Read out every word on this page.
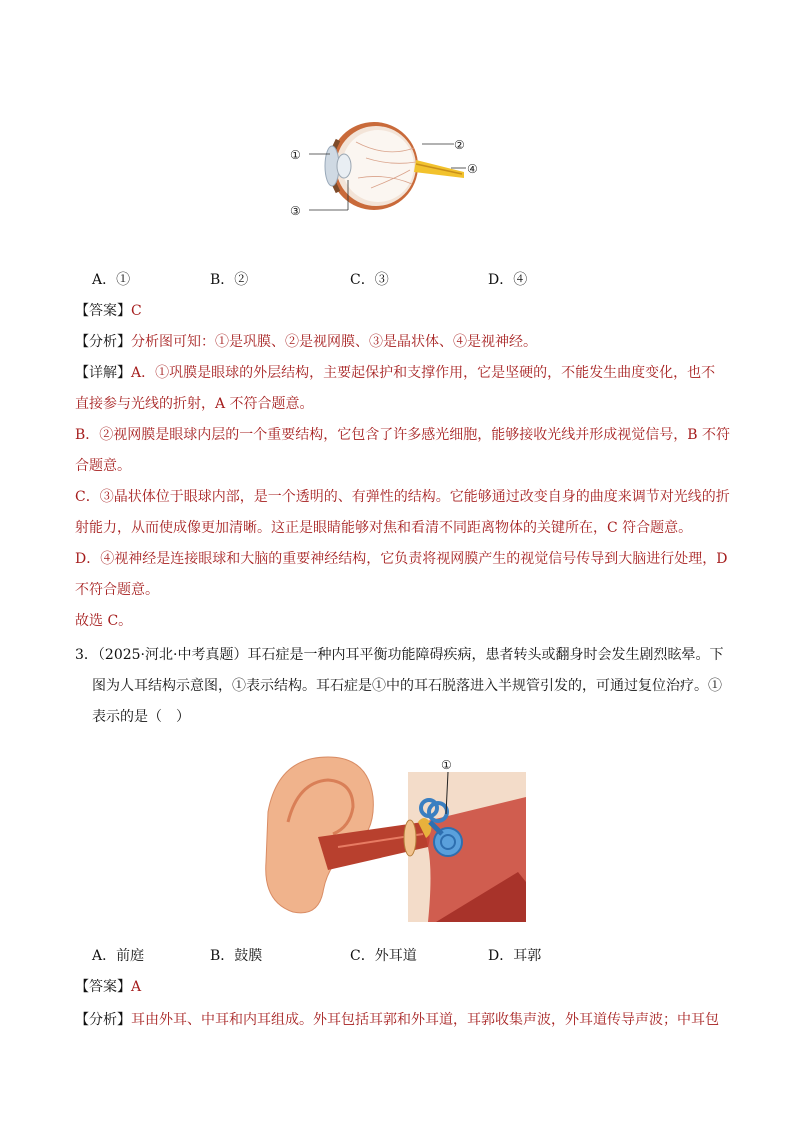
①
②
③
④
A．①	B．②	C．③	D．④
【答案】C
【分析】分析图可知：①是巩膜、②是视网膜、③是晶状体、④是视神经。
【详解】A．①巩膜是眼球的外层结构，主要起保护和支撑作用，它是坚硬的，不能发生曲度变化，也不
直接参与光线的折射，A 不符合题意。
B．②视网膜是眼球内层的一个重要结构，它包含了许多感光细胞，能够接收光线并形成视觉信号，B 不符
合题意。
C．③晶状体位于眼球内部，是一个透明的、有弹性的结构。它能够通过改变自身的曲度来调节对光线的折
射能力，从而使成像更加清晰。这正是眼睛能够对焦和看清不同距离物体的关键所在，C 符合题意。
D．④视神经是连接眼球和大脑的重要神经结构，它负责将视网膜产生的视觉信号传导到大脑进行处理，D
不符合题意。
故选 C。
3．（2025·河北·中考真题）耳石症是一种内耳平衡功能障碍疾病，患者转头或翻身时会发生剧烈眩晕。下
图为人耳结构示意图，①表示结构。耳石症是①中的耳石脱落进入半规管引发的，可通过复位治疗。①
表示的是（　）
①
A．前庭	B．鼓膜	C．外耳道	D．耳郭
【答案】A
【分析】耳由外耳、中耳和内耳组成。外耳包括耳郭和外耳道，耳郭收集声波，外耳道传导声波；中耳包
